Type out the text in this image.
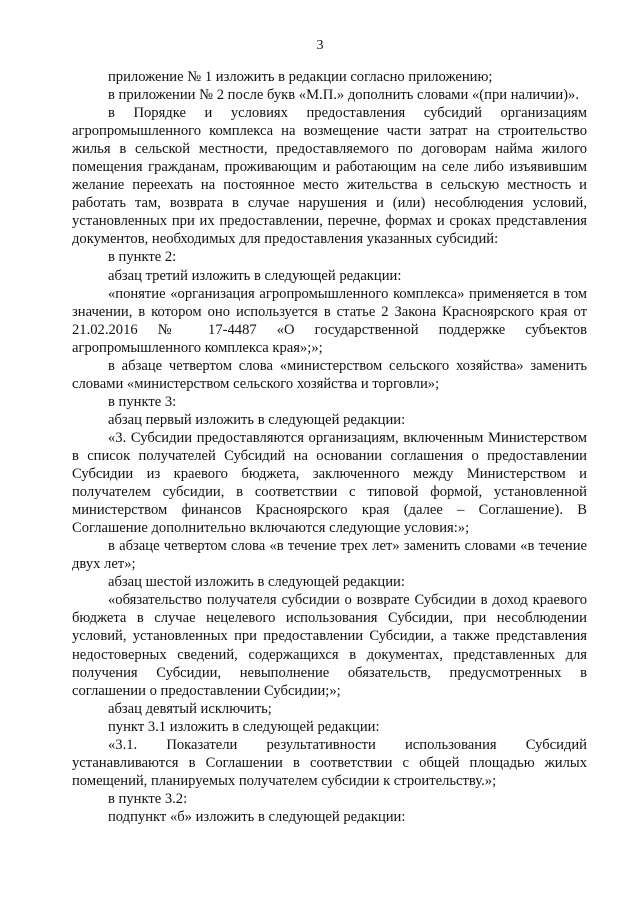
3

приложение № 1 изложить в редакции согласно приложению;

в приложении № 2 после букв «М.П.» дополнить словами «(при наличии)».

в Порядке и условиях предоставления субсидий организациям агропромышленного комплекса на возмещение части затрат на строительство жилья в сельской местности, предоставляемого по договорам найма жилого помещения гражданам, проживающим и работающим на селе либо изъявившим желание переехать на постоянное место жительства в сельскую местность и работать там, возврата в случае нарушения и (или) несоблюдения условий, установленных при их предоставлении, перечне, формах и сроках представления документов, необходимых для предоставления указанных субсидий:

в пункте 2:

абзац третий изложить в следующей редакции:

«понятие «организация агропромышленного комплекса» применяется в том значении, в котором оно используется в статье 2 Закона Красноярского края от 21.02.2016 № 17-4487 «О государственной поддержке субъектов агропромышленного комплекса края»;»;

в абзаце четвертом слова «министерством сельского хозяйства» заменить словами «министерством сельского хозяйства и торговли»;

в пункте 3:

абзац первый изложить в следующей редакции:

«3. Субсидии предоставляются организациям, включенным Министерством в список получателей Субсидий на основании соглашения о предоставлении Субсидии из краевого бюджета, заключенного между Министерством и получателем субсидии, в соответствии с типовой формой, установленной министерством финансов Красноярского края (далее – Соглашение). В Соглашение дополнительно включаются следующие условия:»;

в абзаце четвертом слова «в течение трех лет» заменить словами «в течение двух лет»;

абзац шестой изложить в следующей редакции:

«обязательство получателя субсидии о возврате Субсидии в доход краевого бюджета в случае нецелевого использования Субсидии, при несоблюдении условий, установленных при предоставлении Субсидии, а также представления недостоверных сведений, содержащихся в документах, представленных для получения Субсидии, невыполнение обязательств, предусмотренных в соглашении о предоставлении Субсидии;»;

абзац девятый исключить;

пункт 3.1 изложить в следующей редакции:

«3.1. Показатели результативности использования Субсидий устанавливаются в Соглашении в соответствии с общей площадью жилых помещений, планируемых получателем субсидии к строительству.»;

в пункте 3.2:

подпункт «б» изложить в следующей редакции:
